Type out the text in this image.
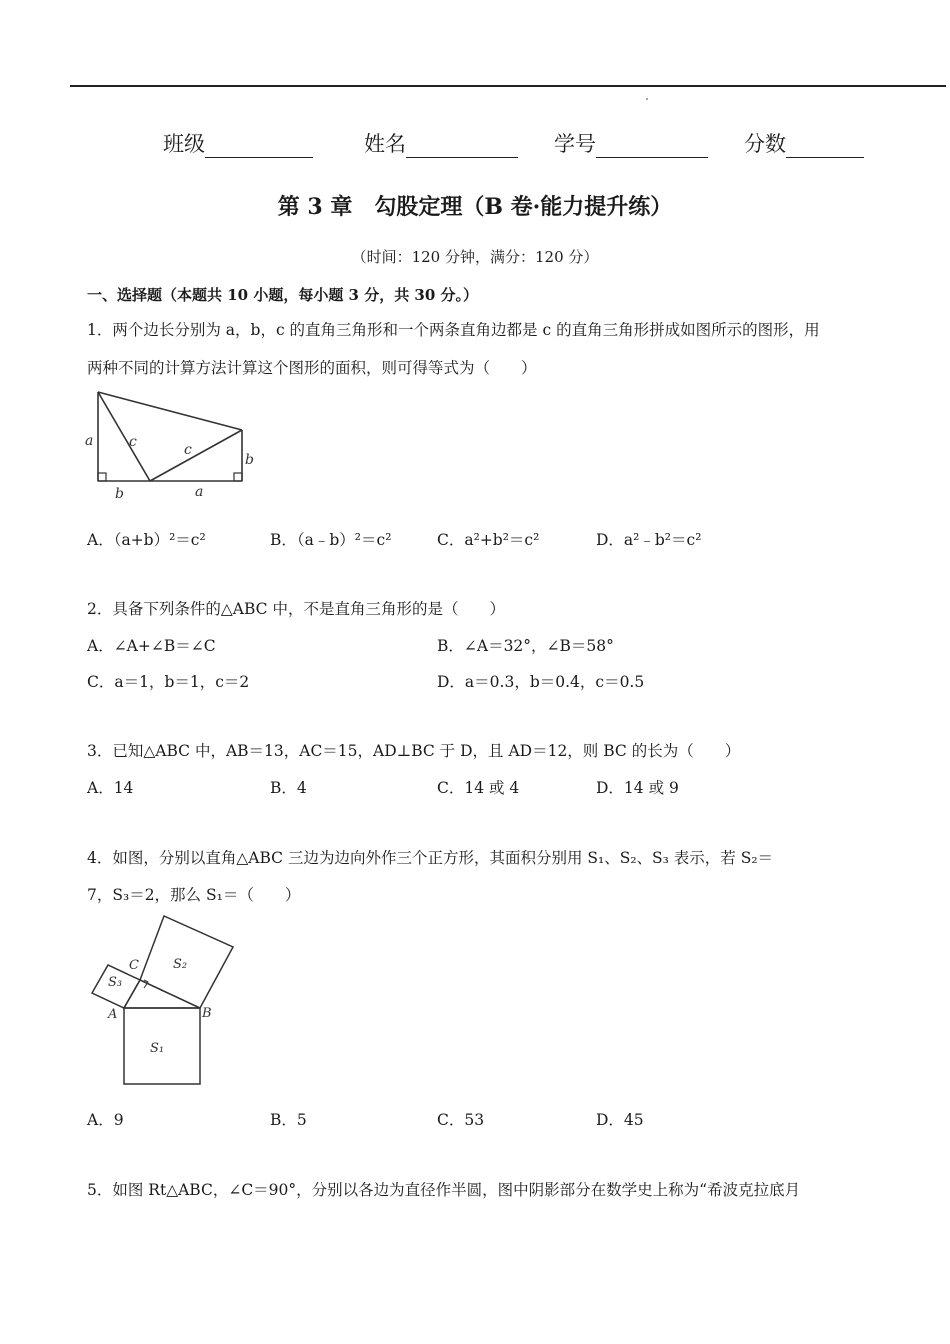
班级	姓名	学号	分数
第 3 章　勾股定理（B 卷·能力提升练）
（时间：120 分钟，满分：120 分）
一、选择题（本题共 10 小题，每小题 3 分，共 30 分。）
1．两个边长分别为 a，b，c 的直角三角形和一个两条直角边都是 c 的直角三角形拼成如图所示的图形，用
两种不同的计算方法计算这个图形的面积，则可得等式为（　　）
a	c	c
b
b	a
A．（a+b）²＝c²	B．（a﹣b）²＝c²	C．a²+b²＝c²	D．a²﹣b²＝c²
2．具备下列条件的△ABC 中，不是直角三角形的是（　　）
A．∠A+∠B＝∠C	B．∠A＝32°，∠B＝58°
C．a＝1，b＝1，c＝2	D．a＝0.3，b＝0.4，c＝0.5
3．已知△ABC 中，AB＝13，AC＝15，AD⊥BC 于 D，且 AD＝12，则 BC 的长为（　　）
A．14	B．4	C．14 或 4	D．14 或 9
4．如图，分别以直角△ABC 三边为边向外作三个正方形，其面积分别用 S₁、S₂、S₃ 表示，若 S₂＝
7，S₃＝2，那么 S₁＝（　　）
C
A	B
S₁
S₂
S₃
A．9	B．5	C．53	D．45
5．如图 Rt△ABC，∠C＝90°，分别以各边为直径作半圆，图中阴影部分在数学史上称为“希波克拉底月
